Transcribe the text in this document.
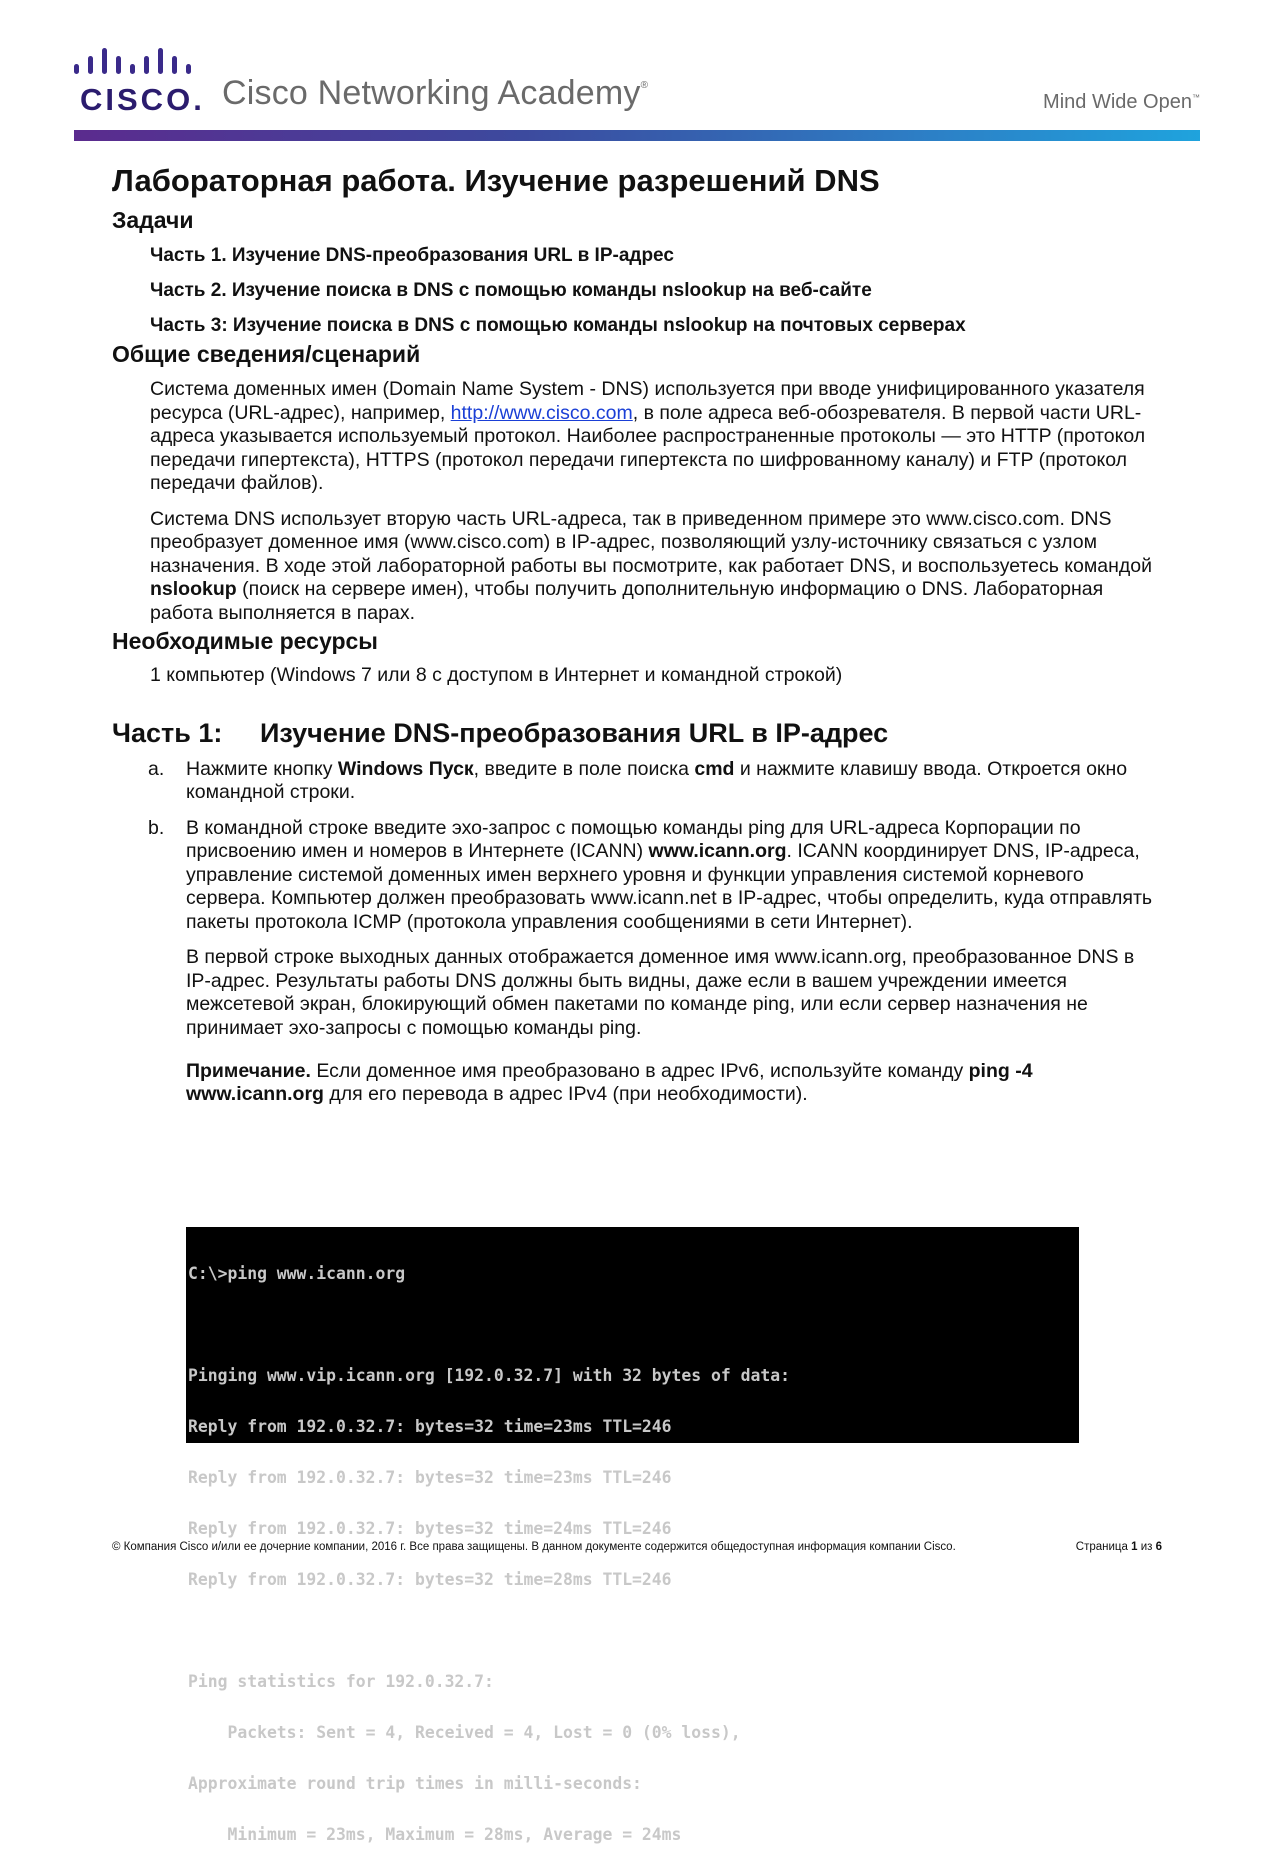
CISCO. Cisco Networking Academy®
Mind Wide Open™
Лабораторная работа. Изучение разрешений DNS
Задачи

Часть 1. Изучение DNS-преобразования URL в IP-адрес

Часть 2. Изучение поиска в DNS с помощью команды nslookup на веб-сайте

Часть 3: Изучение поиска в DNS с помощью команды nslookup на почтовых серверах

Общие сведения/сценарий

Система доменных имен (Domain Name System - DNS) используется при вводе унифицированного указателя ресурса (URL-адрес), например, http://www.cisco.com, в поле адреса веб-обозревателя. В первой части URL-адреса указывается используемый протокол. Наиболее распространенные протоколы — это HTTP (протокол передачи гипертекста), HTTPS (протокол передачи гипертекста по шифрованному каналу) и FTP (протокол передачи файлов).

Система DNS использует вторую часть URL-адреса, так в приведенном примере это www.cisco.com. DNS преобразует доменное имя (www.cisco.com) в IP-адрес, позволяющий узлу-источнику связаться с узлом назначения. В ходе этой лабораторной работы вы посмотрите, как работает DNS, и воспользуетесь командой nslookup (поиск на сервере имен), чтобы получить дополнительную информацию о DNS. Лабораторная работа выполняется в парах.

Необходимые ресурсы

1 компьютер (Windows 7 или 8 с доступом в Интернет и командной строкой)

Часть 1: Изучение DNS-преобразования URL в IP-адрес
a. Нажмите кнопку Windows Пуск, введите в поле поиска cmd и нажмите клавишу ввода. Откроется окно командной строки.
b. В командной строке введите эхо-запрос с помощью команды ping для URL-адреса Корпорации по присвоению имен и номеров в Интернете (ICANN) www.icann.org. ICANN координирует DNS, IP-адреса, управление системой доменных имен верхнего уровня и функции управления системой корневого сервера. Компьютер должен преобразовать www.icann.net в IP-адрес, чтобы определить, куда отправлять пакеты протокола ICMP (протокола управления сообщениями в сети Интернет).

В первой строке выходных данных отображается доменное имя www.icann.org, преобразованное DNS в IP-адрес. Результаты работы DNS должны быть видны, даже если в вашем учреждении имеется межсетевой экран, блокирующий обмен пакетами по команде ping, или если сервер назначения не принимает эхо-запросы с помощью команды ping.

Примечание. Если доменное имя преобразовано в адрес IPv6, используйте команду ping -4 www.icann.org для его перевода в адрес IPv4 (при необходимости).

C:\>ping www.icann.org

Pinging www.vip.icann.org [192.0.32.7] with 32 bytes of data:

Reply from 192.0.32.7: bytes=32 time=23ms TTL=246

Reply from 192.0.32.7: bytes=32 time=23ms TTL=246

Reply from 192.0.32.7: bytes=32 time=24ms TTL=246

Reply from 192.0.32.7: bytes=32 time=28ms TTL=246

Ping statistics for 192.0.32.7:

Packets: Sent = 4, Received = 4, Lost = 0 (0% loss),

Approximate round trip times in milli-seconds:

Minimum = 23ms, Maximum = 28ms, Average = 24ms

© Компания Cisco и/или ее дочерние компании, 2016 г. Все права защищены. В данном документе содержится общедоступная информация компании Cisco.	Страница 1 из 6
